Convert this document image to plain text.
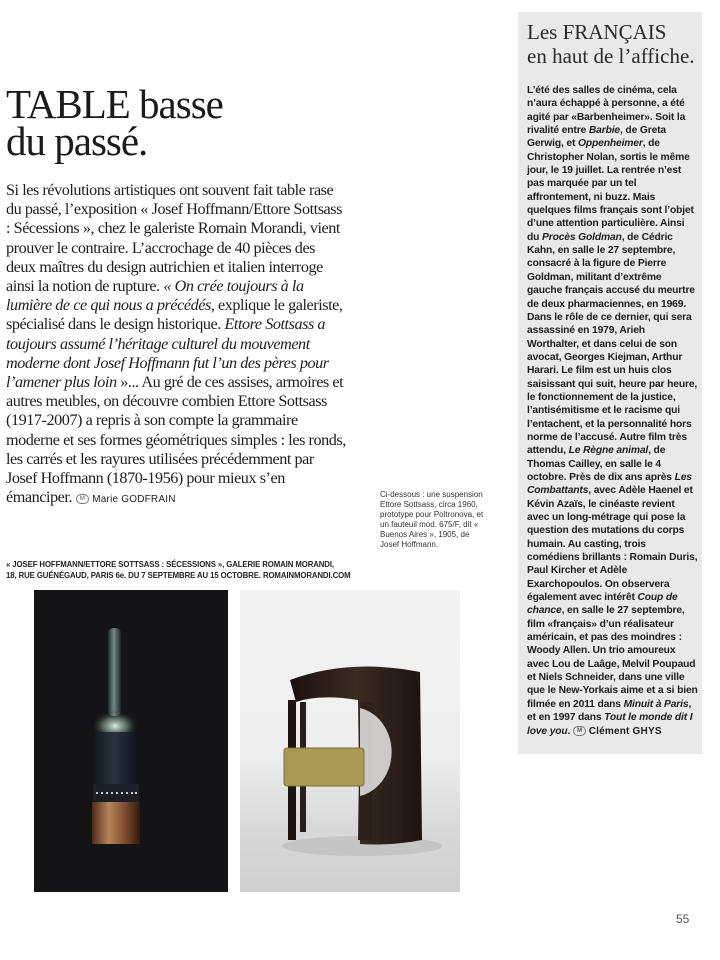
Les FRANÇAIS
en haut de l’affiche.
L’été des salles de cinéma, cela n’aura échappé à personne, a été agité par «Barbenheimer». Soit la rivalité entre Barbie, de Greta Gerwig, et Oppenheimer, de Christopher Nolan, sortis le même jour, le 19 juillet. La rentrée n’est pas marquée par un tel affrontement, ni buzz. Mais quelques films français sont l’objet d’une attention particulière. Ainsi du Procès Goldman, de Cédric Kahn, en salle le 27 septembre, consacré à la figure de Pierre Goldman, militant d’extrême gauche français accusé du meurtre de deux pharmaciennes, en 1969. Dans le rôle de ce dernier, qui sera assassiné en 1979, Arieh Worthalter, et dans celui de son avocat, Georges Kiejman, Arthur Harari. Le film est un huis clos saisissant qui suit, heure par heure, le fonctionnement de la justice, l’antisémitisme et le racisme qui l’entachent, et la personnalité hors norme de l’accusé. Autre film très attendu, Le Règne animal, de Thomas Cailley, en salle le 4 octobre. Près de dix ans après Les Combattants, avec Adèle Haenel et Kévin Azaïs, le cinéaste revient avec un long-métrage qui pose la question des mutations du corps humain. Au casting, trois comédiens brillants : Romain Duris, Paul Kircher et Adèle Exarchopoulos. On observera également avec intérêt Coup de chance, en salle le 27 septembre, film «français» d’un réalisateur américain, et pas des moindres : Woody Allen. Un trio amoureux avec Lou de Laâge, Melvil Poupaud et Niels Schneider, dans une ville que le New-Yorkais aime et a si bien filmée en 2011 dans Minuit à Paris, et en 1997 dans Tout le monde dit I love you. M Clément GHYS
TABLE basse
du passé.
Si les révolutions artistiques ont souvent fait table rase du passé, l’exposition « Josef Hoffmann/Ettore Sottsass : Sécessions », chez le galeriste Romain Morandi, vient prouver le contraire. L’accrochage de 40 pièces des deux maîtres du design autrichien et italien interroge ainsi la notion de rupture. « On crée toujours à la lumière de ce qui nous a précédés, explique le galeriste, spécialisé dans le design historique. Ettore Sottsass a toujours assumé l’héritage culturel du mouvement moderne dont Josef Hoffmann fut l’un des pères pour l’amener plus loin »... Au gré de ces assises, armoires et autres meubles, on découvre combien Ettore Sottsass (1917-2007) a repris à son compte la grammaire moderne et ses formes géométriques simples : les ronds, les carrés et les rayures utilisées précédemment par Josef Hoffmann (1870-1956) pour mieux s’en émanciper. M Marie GODFRAIN
« JOSEF HOFFMANN/ETTORE SOTTSASS : SÉCESSIONS », GALERIE ROMAIN MORANDI,
18, RUE GUÉNÉGAUD, PARIS 6e. DU 7 SEPTEMBRE AU 15 OCTOBRE. ROMAINMORANDI.COM
Ci-dessous : une suspension Ettore Sottsass, circa 1960, prototype pour Poltronova, et un fauteuil mod. 675/F, dit « Buenos Aires », 1905, de Josef Hoffmann.
55
